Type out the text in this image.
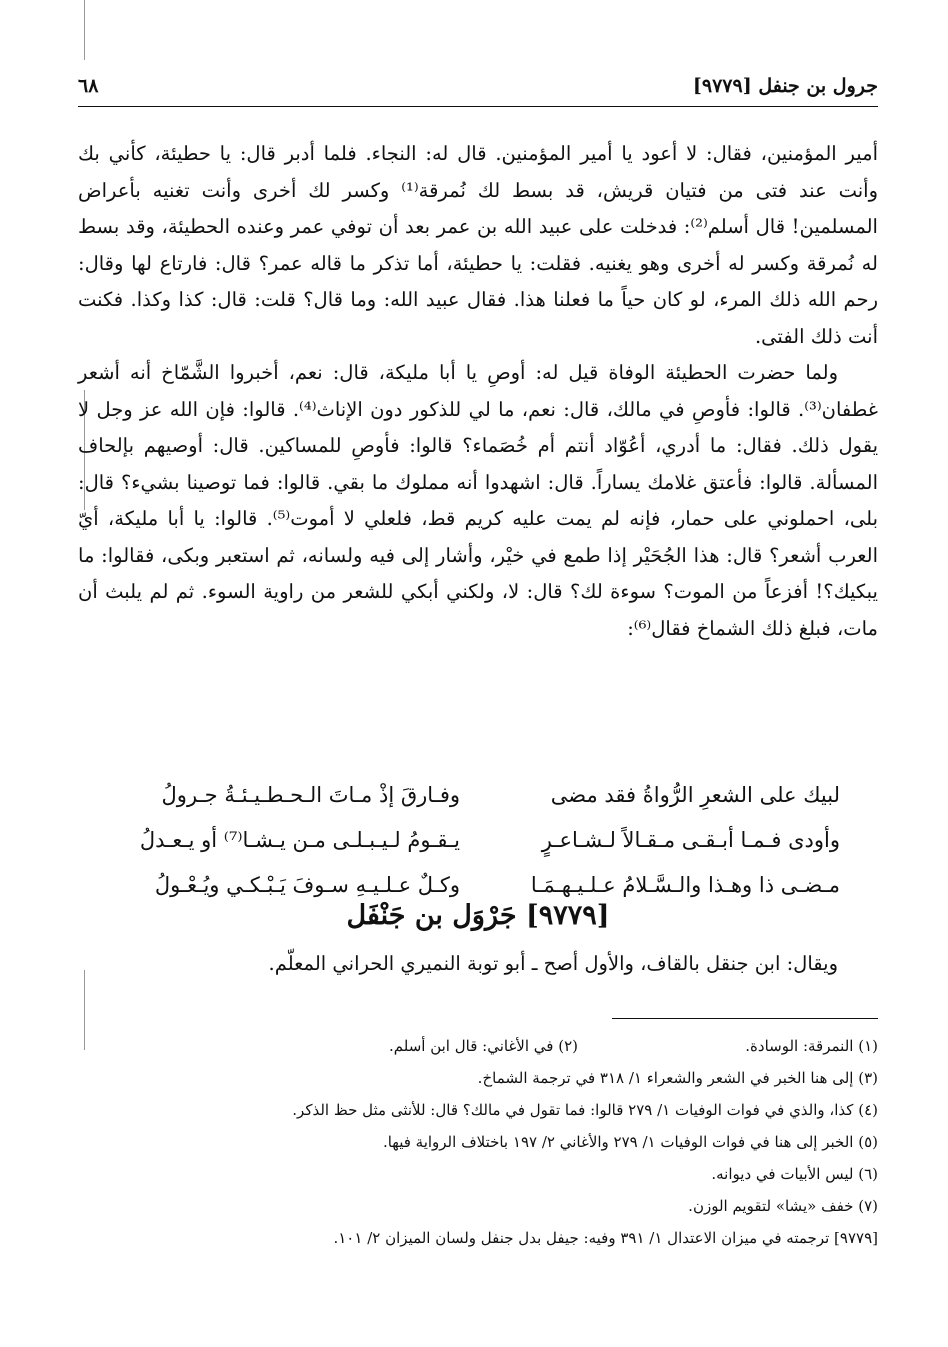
[٩٧٧٩] جرول بن جنفل
٦٨

أمير المؤمنين، فقال: لا أعود يا أمير المؤمنين. قال له: النجاء. فلما أدبر قال: يا حطيئة، كأني بك وأنت عند فتى من فتيان قريش، قد بسط لك نُمرقة⁽¹⁾ وكسر لك أخرى وأنت تغنيه بأعراض المسلمين! قال أسلم⁽²⁾: فدخلت على عبيد الله بن عمر بعد أن توفي عمر وعنده الحطيئة، وقد بسط له نُمرقة وكسر له أخرى وهو يغنيه. فقلت: يا حطيئة، أما تذكر ما قاله عمر؟ قال: فارتاع لها وقال: رحم الله ذلك المرء، لو كان حياً ما فعلنا هذا. فقال عبيد الله: وما قال؟ قلت: قال: كذا وكذا. فكنت أنت ذلك الفتى.

ولما حضرت الحطيئة الوفاة قيل له: أوصِ يا أبا مليكة، قال: نعم، أخبروا الشَّمّاخ أنه أشعر غطفان⁽³⁾. قالوا: فأوصِ في مالك، قال: نعم، ما لي للذكور دون الإناث⁽⁴⁾. قالوا: فإن الله عز وجل لا يقول ذلك. فقال: ما أدري، أعُوّاد أنتم أم خُصَماء؟ قالوا: فأوصِ للمساكين. قال: أوصيهم بإلحاف المسألة. قالوا: فأعتق غلامك يساراً. قال: اشهدوا أنه مملوك ما بقي. قالوا: فما توصينا بشيء؟ قال: بلى، احملوني على حمار، فإنه لم يمت عليه كريم قط، فلعلي لا أموت⁽⁵⁾. قالوا: يا أبا مليكة، أيّ العرب أشعر؟ قال: هذا الجُحَيْر إذا طمع في خيْر، وأشار إلى فيه ولسانه، ثم استعبر وبكى، فقالوا: ما يبكيك؟! أفزعاً من الموت؟ سوءة لك؟ قال: لا، ولكني أبكي للشعر من راوية السوء. ثم لم يلبث أن مات، فبلغ ذلك الشماخ فقال⁽⁶⁾:

لبيك على الشعرِ الرُّواةُ فقد مضى
وفـارقَ إذْ مـاتَ الـحـطـيـئـةُ جـرولُ
وأودى فـمـا أبـقـى مـقـالاً لـشـاعـرٍ
يـقـومُ لـيـبـلـى مـن يـشـا⁽⁷⁾ أو يـعـدلُ
مـضـى ذا وهـذا والـسَّـلامُ عـلـيـهـمَـا
وكـلٌ عـلـيـهِ سـوفَ يَـبْـكـي ويُـعْـولُ
[٩٧٧٩] جَرْوَل بن جَنْفَل
ويقال: ابن جنقل بالقاف، والأول أصح ـ أبو توبة النميري الحراني المعلّم.
(١) النمرقة: الوسادة.
(٢) في الأغاني: قال ابن أسلم.
(٣) إلى هنا الخبر في الشعر والشعراء ١/ ٣١٨ في ترجمة الشماخ.
(٤) كذا، والذي في فوات الوفيات ١/ ٢٧٩ قالوا: فما تقول في مالك؟ قال: للأنثى مثل حظ الذكر.
(٥) الخبر إلى هنا في فوات الوفيات ١/ ٢٧٩ والأغاني ٢/ ١٩٧ باختلاف الرواية فيها.
(٦) ليس الأبيات في ديوانه.
(٧) خفف «يشا» لتقويم الوزن.
[٩٧٧٩] ترجمته في ميزان الاعتدال ١/ ٣٩١ وفيه: جيفل بدل جنفل ولسان الميزان ٢/ ١٠١.
